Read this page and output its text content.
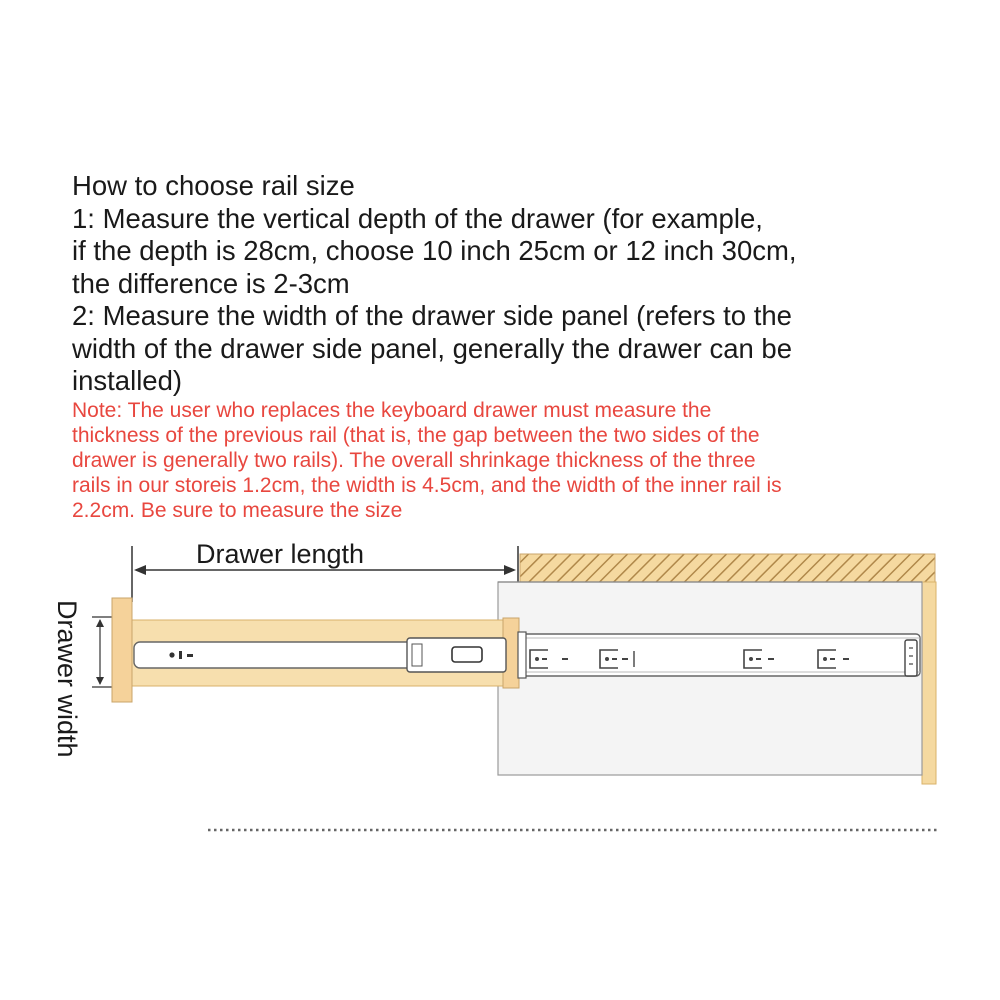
How to choose rail size
1: Measure the vertical depth of the drawer (for example,
if the depth is 28cm, choose 10 inch 25cm or 12 inch 30cm,
the difference is 2-3cm
2: Measure the width of the drawer side panel (refers to the
width of the drawer side panel, generally the drawer can be
installed)
Note: The user who replaces the keyboard drawer must measure the
thickness of the previous rail (that is, the gap between the two sides of the
drawer is generally two rails). The overall shrinkage thickness of the three
rails in our storeis 1.2cm, the width is 4.5cm, and the width of the inner rail is
2.2cm. Be sure to measure the size
Drawer length
Drawer width
